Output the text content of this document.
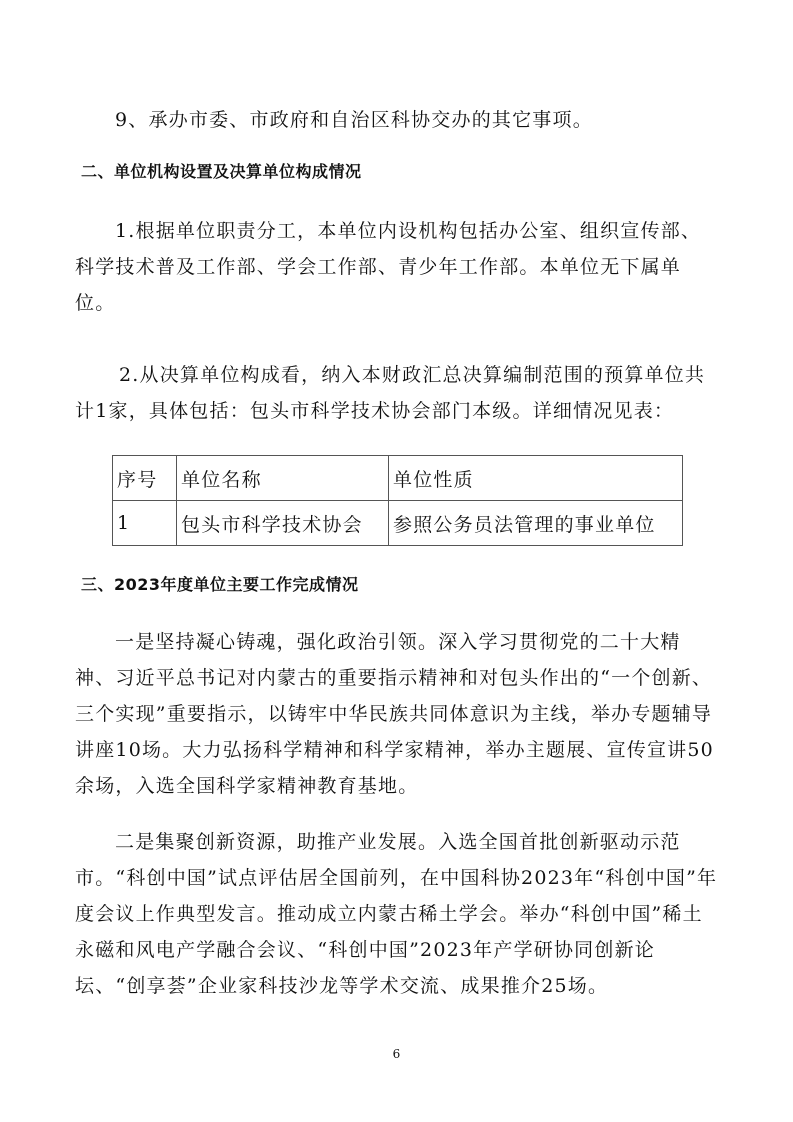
9、承办市委、市政府和自治区科协交办的其它事项。

二、单位机构设置及决算单位构成情况

1.根据单位职责分工，本单位内设机构包括办公室、组织宣传部、科学技术普及工作部、学会工作部、青少年工作部。本单位无下属单位。

2.从决算单位构成看，纳入本财政汇总决算编制范围的预算单位共计1家，具体包括：包头市科学技术协会部门本级。详细情况见表：

序号	单位名称	单位性质
1	包头市科学技术协会	参照公务员法管理的事业单位
三、2023年度单位主要工作完成情况

一是坚持凝心铸魂，强化政治引领。深入学习贯彻党的二十大精神、习近平总书记对内蒙古的重要指示精神和对包头作出的“一个创新、三个实现”重要指示，以铸牢中华民族共同体意识为主线，举办专题辅导讲座10场。大力弘扬科学精神和科学家精神，举办主题展、宣传宣讲50余场，入选全国科学家精神教育基地。

二是集聚创新资源，助推产业发展。入选全国首批创新驱动示范市。“科创中国”试点评估居全国前列，在中国科协2023年“科创中国”年度会议上作典型发言。推动成立内蒙古稀土学会。举办“科创中国”稀土永磁和风电产学融合会议、“科创中国”2023年产学研协同创新论坛、“创享荟”企业家科技沙龙等学术交流、成果推介25场。

6
